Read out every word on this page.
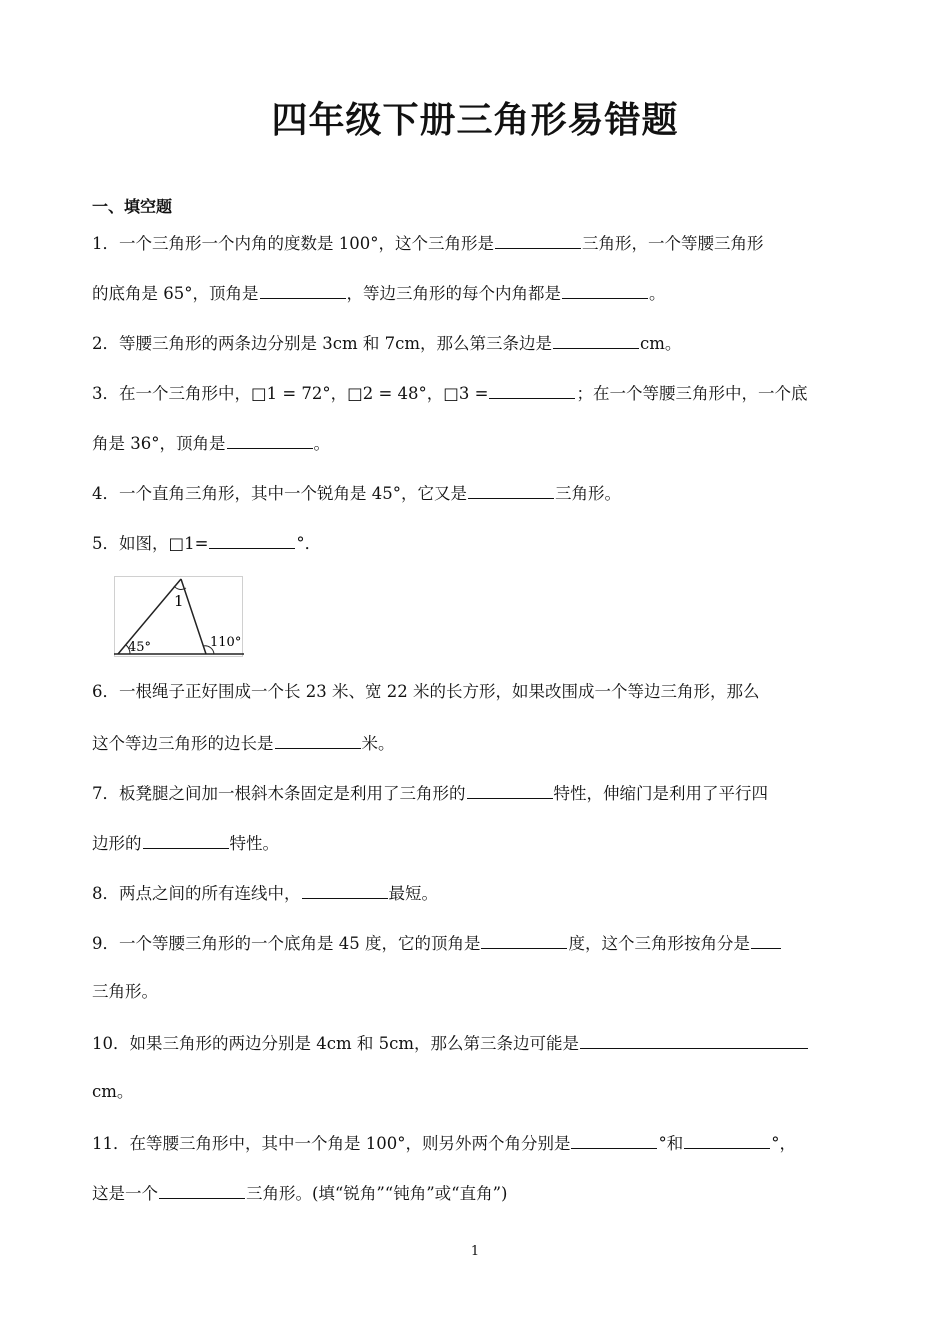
四年级下册三角形易错题
一、填空题
1．一个三角形一个内角的度数是 100°，这个三角形是	三角形，一个等腰三角形
的底角是 65°，顶角是	，等边三角形的每个内角都是	。
2．等腰三角形的两条边分别是 3cm 和 7cm，那么第三条边是	cm。
3．在一个三角形中，□1 = 72°，□2 = 48°，□3 =	；在一个等腰三角形中，一个底
角是 36°，顶角是	。
4．一个直角三角形，其中一个锐角是 45°，它又是	三角形。
5．如图，□1=	°．
1
45°	110°
6．一根绳子正好围成一个长 23 米、宽 22 米的长方形，如果改围成一个等边三角形，那么
这个等边三角形的边长是	米。
7．板凳腿之间加一根斜木条固定是利用了三角形的	特性，伸缩门是利用了平行四
边形的	特性。
8．两点之间的所有连线中，	最短。
9．一个等腰三角形的一个底角是 45 度，它的顶角是	度，这个三角形按角分是
三角形。
10．如果三角形的两边分别是 4cm 和 5cm，那么第三条边可能是
cm。
11．在等腰三角形中，其中一个角是 100°，则另外两个角分别是	°和	°，
这是一个	三角形。(填“锐角”“钝角”或“直角”)
1
